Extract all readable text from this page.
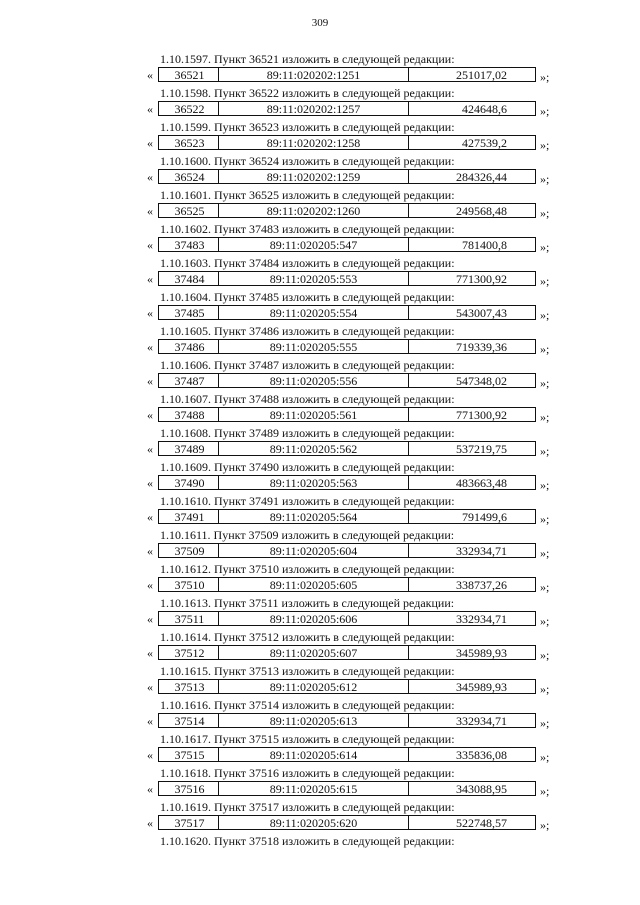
309
1.10.1597. Пункт 36521 изложить в следующей редакции:
«	36521	89:11:020202:1251	251017,02	»;
1.10.1598. Пункт 36522 изложить в следующей редакции:
«	36522	89:11:020202:1257	424648,6	»;
1.10.1599. Пункт 36523 изложить в следующей редакции:
«	36523	89:11:020202:1258	427539,2	»;
1.10.1600. Пункт 36524 изложить в следующей редакции:
«	36524	89:11:020202:1259	284326,44	»;
1.10.1601. Пункт 36525 изложить в следующей редакции:
«	36525	89:11:020202:1260	249568,48	»;
1.10.1602. Пункт 37483 изложить в следующей редакции:
«	37483	89:11:020205:547	781400,8	»;
1.10.1603. Пункт 37484 изложить в следующей редакции:
«	37484	89:11:020205:553	771300,92	»;
1.10.1604. Пункт 37485 изложить в следующей редакции:
«	37485	89:11:020205:554	543007,43	»;
1.10.1605. Пункт 37486 изложить в следующей редакции:
«	37486	89:11:020205:555	719339,36	»;
1.10.1606. Пункт 37487 изложить в следующей редакции:
«	37487	89:11:020205:556	547348,02	»;
1.10.1607. Пункт 37488 изложить в следующей редакции:
«	37488	89:11:020205:561	771300,92	»;
1.10.1608. Пункт 37489 изложить в следующей редакции:
«	37489	89:11:020205:562	537219,75	»;
1.10.1609. Пункт 37490 изложить в следующей редакции:
«	37490	89:11:020205:563	483663,48	»;
1.10.1610. Пункт 37491 изложить в следующей редакции:
«	37491	89:11:020205:564	791499,6	»;
1.10.1611. Пункт 37509 изложить в следующей редакции:
«	37509	89:11:020205:604	332934,71	»;
1.10.1612. Пункт 37510 изложить в следующей редакции:
«	37510	89:11:020205:605	338737,26	»;
1.10.1613. Пункт 37511 изложить в следующей редакции:
«	37511	89:11:020205:606	332934,71	»;
1.10.1614. Пункт 37512 изложить в следующей редакции:
«	37512	89:11:020205:607	345989,93	»;
1.10.1615. Пункт 37513 изложить в следующей редакции:
«	37513	89:11:020205:612	345989,93	»;
1.10.1616. Пункт 37514 изложить в следующей редакции:
«	37514	89:11:020205:613	332934,71	»;
1.10.1617. Пункт 37515 изложить в следующей редакции:
«	37515	89:11:020205:614	335836,08	»;
1.10.1618. Пункт 37516 изложить в следующей редакции:
«	37516	89:11:020205:615	343088,95	»;
1.10.1619. Пункт 37517 изложить в следующей редакции:
«	37517	89:11:020205:620	522748,57	»;
1.10.1620. Пункт 37518 изложить в следующей редакции:
